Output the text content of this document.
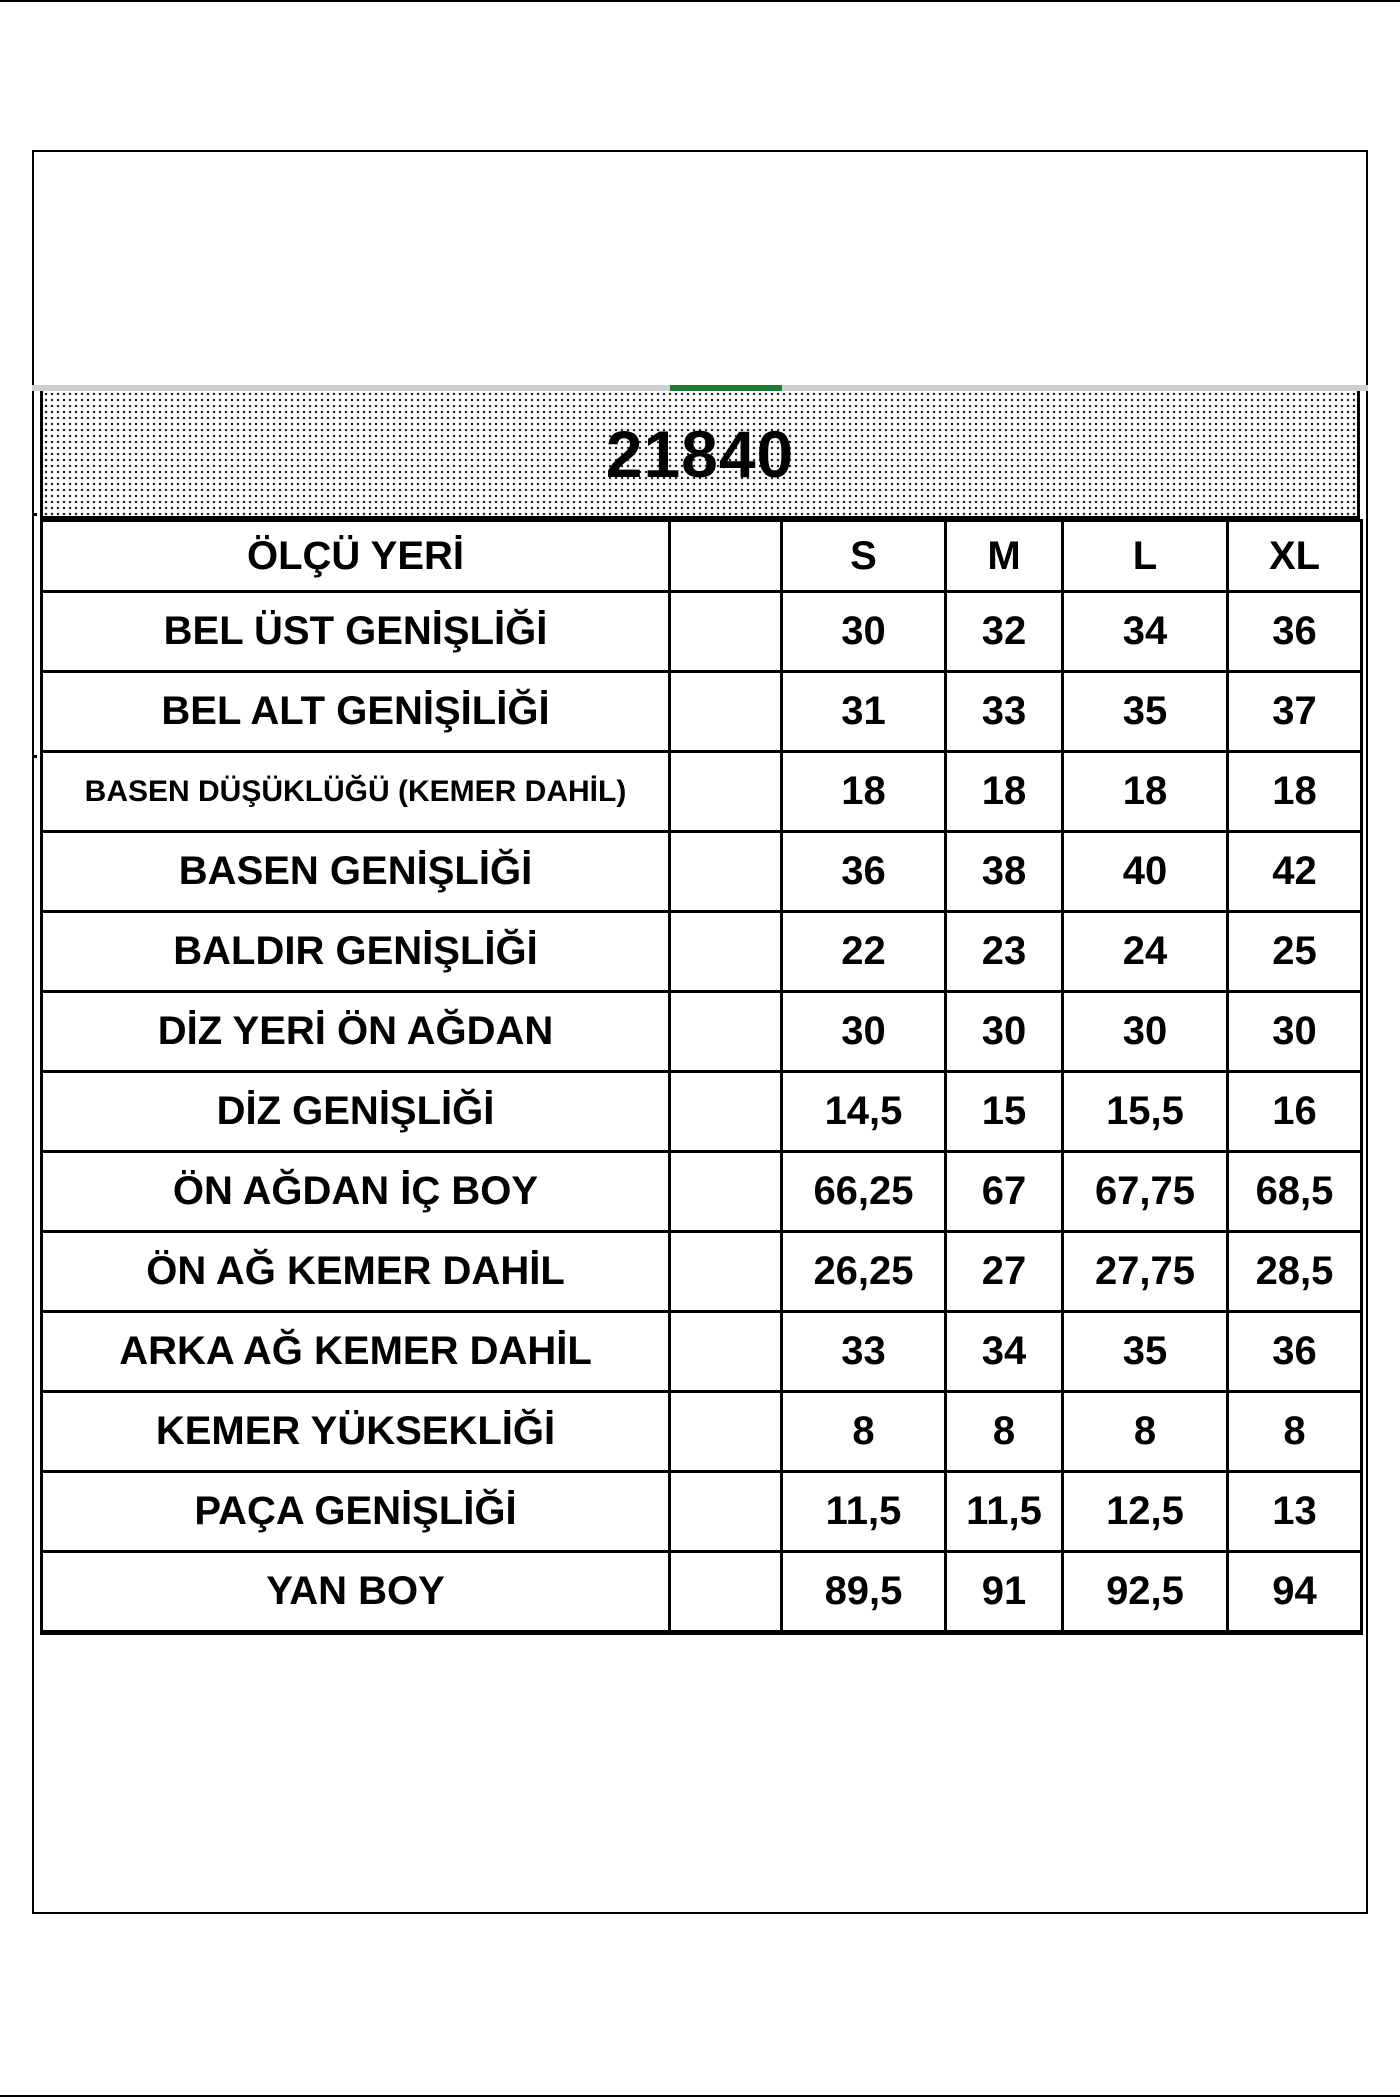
21840
ÖLÇÜ YERİ		S	M	L	XL
BEL ÜST GENİŞLİĞİ		30	32	34	36
BEL ALT GENİŞİLİĞİ		31	33	35	37
BASEN DÜŞÜKLÜĞÜ (KEMER DAHİL)		18	18	18	18
BASEN GENİŞLİĞİ		36	38	40	42
BALDIR GENİŞLİĞİ		22	23	24	25
DİZ YERİ ÖN AĞDAN		30	30	30	30
DİZ GENİŞLİĞİ		14,5	15	15,5	16
ÖN AĞDAN İÇ BOY		66,25	67	67,75	68,5
ÖN AĞ KEMER DAHİL		26,25	27	27,75	28,5
ARKA AĞ KEMER DAHİL		33	34	35	36
KEMER YÜKSEKLİĞİ		8	8	8	8
PAÇA GENİŞLİĞİ		11,5	11,5	12,5	13
YAN BOY		89,5	91	92,5	94
